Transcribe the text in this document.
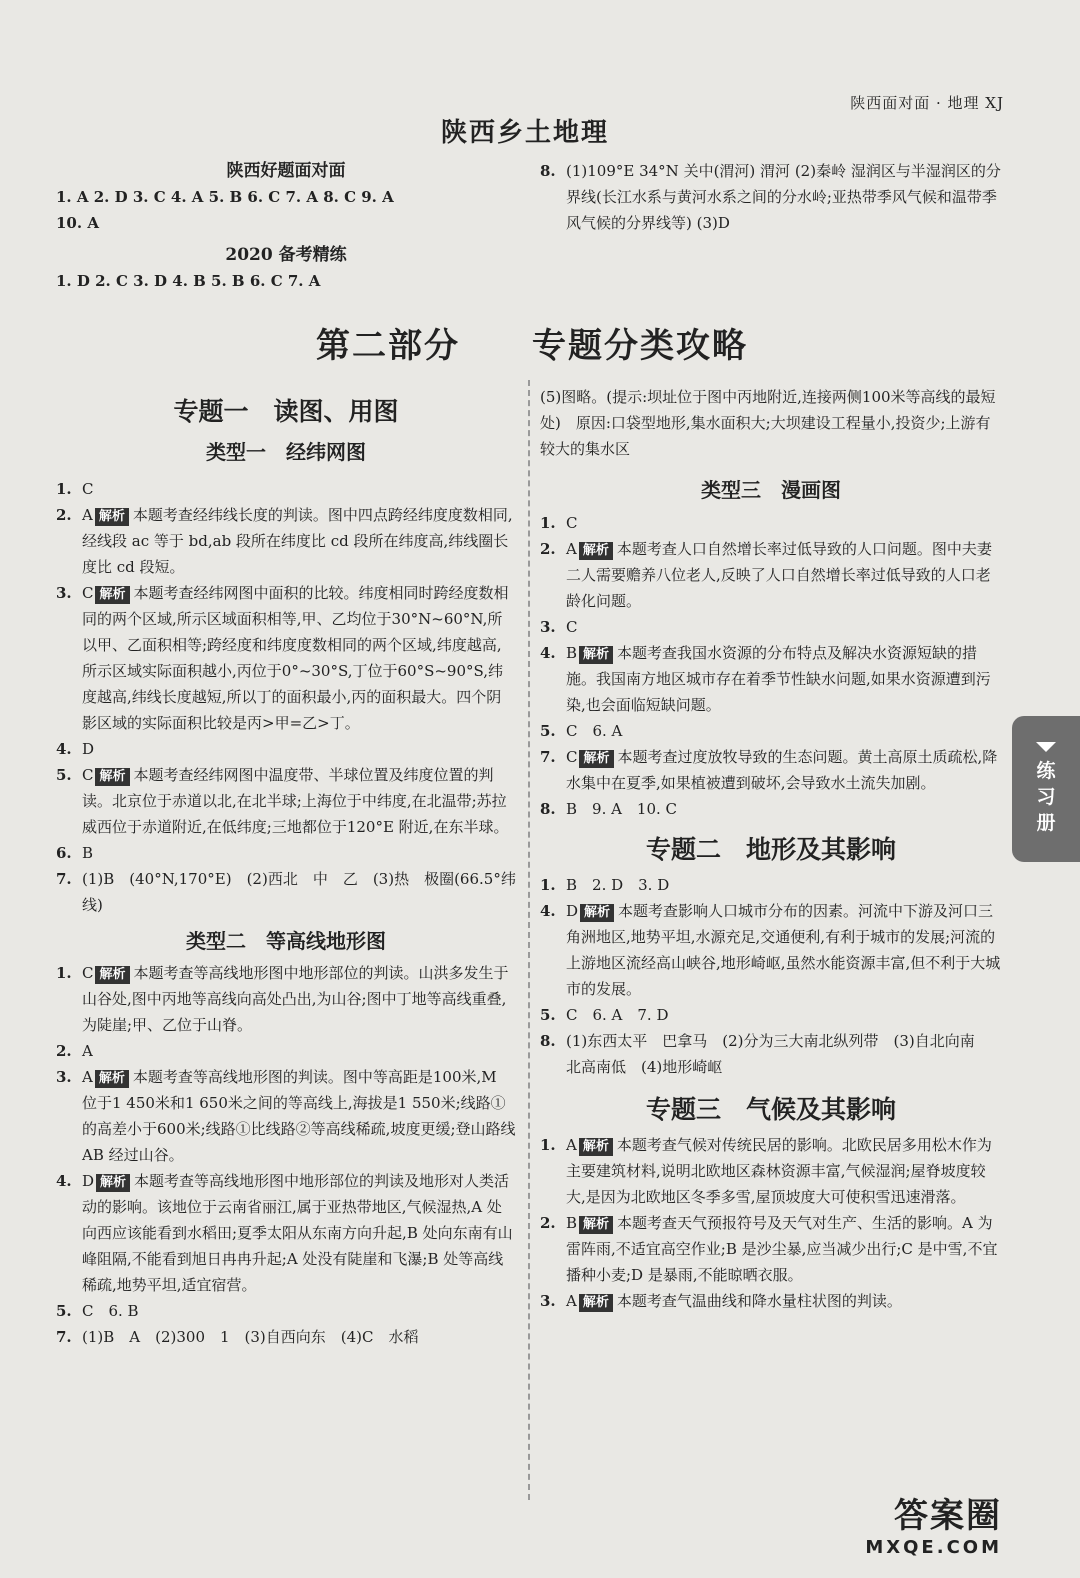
陕西面对面 · 地理 XJ
陕西乡土地理
陕西好题面对面
1. A 2. D 3. C 4. A 5. B 6. C 7. A 8. C 9. A
10. A
2020 备考精练
1. D 2. C 3. D 4. B 5. B 6. C 7. A
8. (1)109°E 34°N 关中(渭河) 渭河 (2)秦岭 湿润区与半湿润区的分界线(长江水系与黄河水系之间的分水岭;亚热带季风气候和温带季风气候的分界线等) (3)D
第二部分　　专题分类攻略
专题一　读图、用图
类型一　经纬网图
1. C
2. A 解析 本题考查经纬线长度的判读。图中四点跨经纬度度数相同,经线段 ac 等于 bd,ab 段所在纬度比 cd 段所在纬度高,纬线圈长度比 cd 段短。
3. C 解析 本题考查经纬网图中面积的比较。纬度相同时跨经度数相同的两个区域,所示区域面积相等,甲、乙均位于30°N~60°N,所以甲、乙面积相等;跨经度和纬度度数相同的两个区域,纬度越高,所示区域实际面积越小,丙位于0°~30°S,丁位于60°S~90°S,纬度越高,纬线长度越短,所以丁的面积最小,丙的面积最大。四个阴影区域的实际面积比较是丙>甲=乙>丁。
4. D
5. C 解析 本题考查经纬网图中温度带、半球位置及纬度位置的判读。北京位于赤道以北,在北半球;上海位于中纬度,在北温带;苏拉威西位于赤道附近,在低纬度;三地都位于120°E 附近,在东半球。
6. B
7. (1)B　(40°N,170°E)　(2)西北　中　乙　(3)热　极圈(66.5°纬线)
类型二　等高线地形图
1. C 解析 本题考查等高线地形图中地形部位的判读。山洪多发生于山谷处,图中丙地等高线向高处凸出,为山谷;图中丁地等高线重叠,为陡崖;甲、乙位于山脊。
2. A
3. A 解析 本题考查等高线地形图的判读。图中等高距是100米,M 位于1 450米和1 650米之间的等高线上,海拔是1 550米;线路①的高差小于600米;线路①比线路②等高线稀疏,坡度更缓;登山路线 AB 经过山谷。
4. D 解析 本题考查等高线地形图中地形部位的判读及地形对人类活动的影响。该地位于云南省丽江,属于亚热带地区,气候湿热,A 处向西应该能看到水稻田;夏季太阳从东南方向升起,B 处向东南有山峰阻隔,不能看到旭日冉冉升起;A 处没有陡崖和飞瀑;B 处等高线稀疏,地势平坦,适宜宿营。
5. C　6. B
7. (1)B　A　(2)300　1　(3)自西向东　(4)C　水稻
(5)图略。(提示:坝址位于图中丙地附近,连接两侧100米等高线的最短处)　原因:口袋型地形,集水面积大;大坝建设工程量小,投资少;上游有较大的集水区
类型三　漫画图
1. C
2. A 解析 本题考查人口自然增长率过低导致的人口问题。图中夫妻二人需要赡养八位老人,反映了人口自然增长率过低导致的人口老龄化问题。
3. C
4. B 解析 本题考查我国水资源的分布特点及解决水资源短缺的措施。我国南方地区城市存在着季节性缺水问题,如果水资源遭到污染,也会面临短缺问题。
5. C　6. A
7. C 解析 本题考查过度放牧导致的生态问题。黄土高原土质疏松,降水集中在夏季,如果植被遭到破坏,会导致水土流失加剧。
8. B　9. A　10. C
专题二　地形及其影响
1. B　2. D　3. D
4. D 解析 本题考查影响人口城市分布的因素。河流中下游及河口三角洲地区,地势平坦,水源充足,交通便利,有利于城市的发展;河流的上游地区流经高山峡谷,地形崎岖,虽然水能资源丰富,但不利于大城市的发展。
5. C　6. A　7. D
8. (1)东西太平　巴拿马　(2)分为三大南北纵列带　(3)自北向南　北高南低　(4)地形崎岖
专题三　气候及其影响
1. A 解析 本题考查气候对传统民居的影响。北欧民居多用松木作为主要建筑材料,说明北欧地区森林资源丰富,气候湿润;屋脊坡度较大,是因为北欧地区冬季多雪,屋顶坡度大可使积雪迅速滑落。
2. B 解析 本题考查天气预报符号及天气对生产、生活的影响。A 为雷阵雨,不适宜高空作业;B 是沙尘暴,应当减少出行;C 是中雪,不宜播种小麦;D 是暴雨,不能晾晒衣服。
3. A 解析 本题考查气温曲线和降水量柱状图的判读。
练
习
册
答案圈
MXQE.COM
